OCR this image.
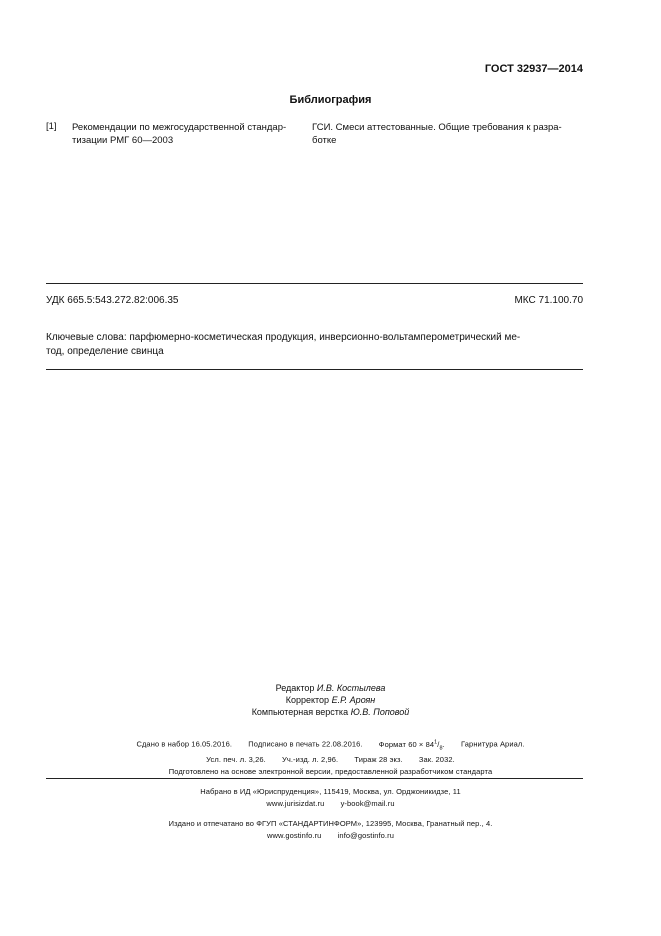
ГОСТ 32937—2014
Библиография
[1] Рекомендации по межгосударственной стандар-
тизации РМГ 60—2003
ГСИ. Смеси аттестованные. Общие требования к разра-
ботке
УДК 665.5:543.272.82:006.35	МКС 71.100.70
Ключевые слова: парфюмерно-косметическая продукция, инверсионно-вольтамперометрический ме-
тод, определение свинца
Редактор И.В. Костылева
Корректор Е.Р. Ароян
Компьютерная верстка Ю.В. Поповой
Сдано в набор 16.05.2016. Подписано в печать 22.08.2016. Формат $60 \times 84^1/_8$. Гарнитура Ариал.
Усл. печ. л. 3,26. Уч.-изд. л. 2,96. Тираж 28 экз. Зак. 2032.
Подготовлено на основе электронной версии, предоставленной разработчиком стандарта
Набрано в ИД «Юриспруденция», 115419, Москва, ул. Орджоникидзе, 11
www.jurisizdat.ru y-book@mail.ru
Издано и отпечатано во ФГУП «СТАНДАРТИНФОРМ», 123995, Москва, Гранатный пер., 4.
www.gostinfo.ru info@gostinfo.ru
